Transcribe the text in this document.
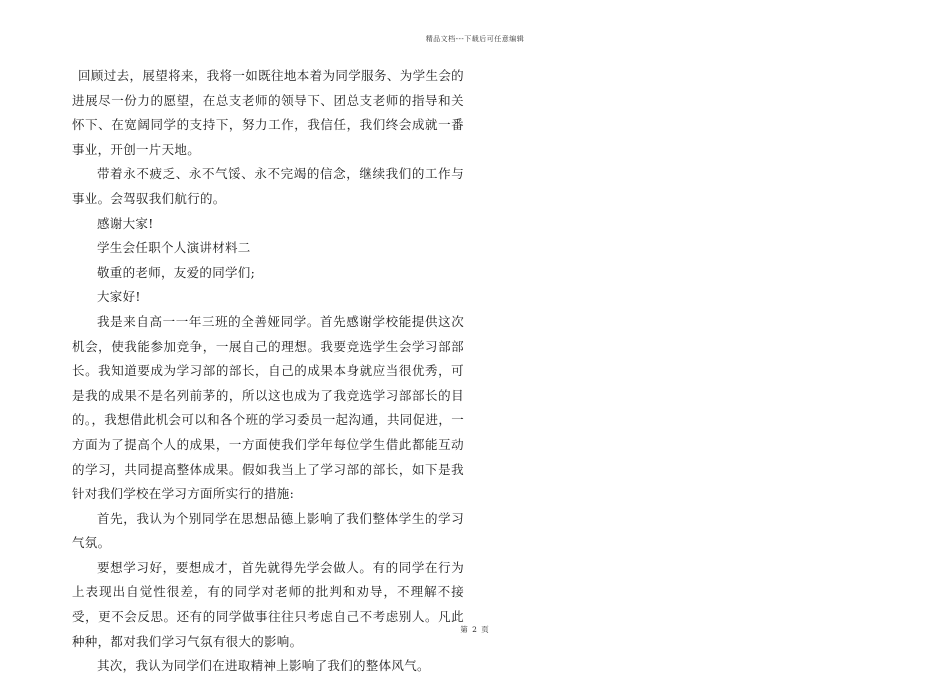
精品文档---下载后可任意编辑

回顾过去，展望将来，我将一如既往地本着为同学服务、为学生会的进展尽一份力的愿望，在总支老师的领导下、团总支老师的指导和关怀下、在宽阔同学的支持下，努力工作，我信任，我们终会成就一番事业，开创一片天地。

带着永不疲乏、永不气馁、永不完竭的信念，继续我们的工作与事业。会驾驭我们航行的。

感谢大家!

学生会任职个人演讲材料二

敬重的老师，友爱的同学们;

大家好!

我是来自高一一年三班的全善娅同学。首先感谢学校能提供这次机会，使我能参加竞争，一展自己的理想。我要竞选学生会学习部部长。我知道要成为学习部的部长，自己的成果本身就应当很优秀，可是我的成果不是名列前茅的，所以这也成为了我竞选学习部部长的目的。，我想借此机会可以和各个班的学习委员一起沟通，共同促进，一方面为了提高个人的成果，一方面使我们学年每位学生借此都能互动的学习，共同提高整体成果。假如我当上了学习部的部长，如下是我针对我们学校在学习方面所实行的措施:

首先，我认为个别同学在思想品德上影响了我们整体学生的学习气氛。

要想学习好，要想成才，首先就得先学会做人。有的同学在行为上表现出自觉性很差，有的同学对老师的批判和劝导，不理解不接受，更不会反思。还有的同学做事往往只考虑自己不考虑别人。凡此种种，都对我们学习气氛有很大的影响。

其次，我认为同学们在进取精神上影响了我们的整体风气。

第 2 页
